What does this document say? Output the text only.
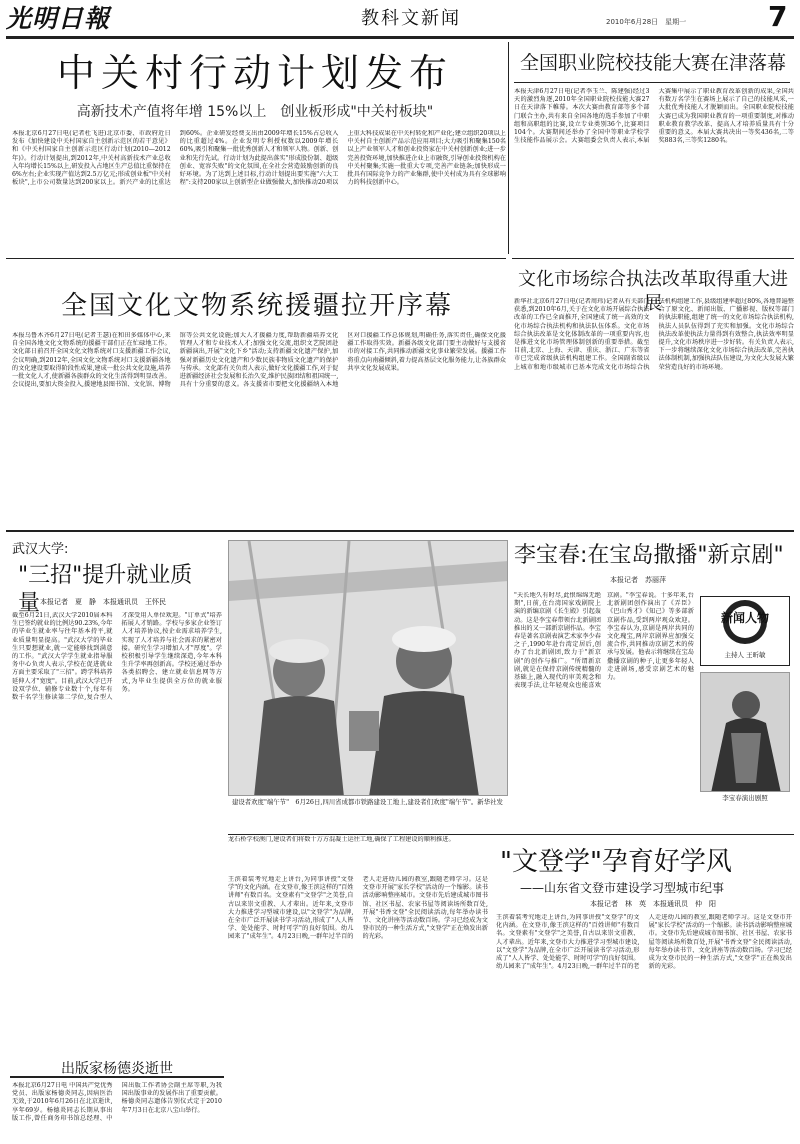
光明日報	教科文新闻	2010年6月28日　星期一	7
中关村行动计划发布
高新技术产值将年增 15%以上　创业板形成"中关村板块"
本报北京6月27日电(记者杜飞进)北京市委、市政府近日发布《加快建设中关村国家自主创新示范区的若干意见》和《中关村国家自主创新示范区行动计划(2010—2012年)》。行动计划提出,到2012年,中关村高新技术产业总收入年均增长15%以上,研发投入占地区生产总值比重保持在6%左右;企业实现产值达到2.5万亿元;形成创业板"中关村板块",上市公司数量达到200家以上。新兴产业的比重达到60%。企业研发经费支出由2009年增长15%占总收入的比重超过4%。企业发明专利授权数以2009年增长60%,吸引和聚集一批优秀创新人才和领军人物。创新、创业和先行先试。行动计划为此提出落实"形成股份制、超级创业、宽容失败"的文化氛围,在全社会营造鼓励创新的良好环境。为了达到上述目标,行动计划提出要实施"六大工程":支持200家以上创新型企业做强做大,加快推动20项以上重大科技成果在中关村转化和产业化;建立组织20项以上中关村自主创新产品示范应用项目;大力吸引和聚集150名以上产业领军人才和创业投资家在中关村创新创业;进一步完善投资环境,加快推进企业上市融资,引导创业投资机构在中关村聚集;实施一批重大专项,完善产业链条;加快形成一批具有国际竞争力的产业集群,使中关村成为具有全球影响力的科技创新中心。
全国职业院校技能大赛在津落幕
本报天津6月27日电(记者李玉兰、陈建强)经过3天的激烈角逐,2010年全国职业院校技能大赛27日在天津落下帷幕。本次大赛由教育部等多个部门联合主办,共有来自全国各地的选手参加了中职组和高职组的比赛,设立专业类别36个,比赛项目104个。大赛期间还举办了全国中等职业学校学生技能作品展示会。大赛组委会负责人表示,本届大赛集中展示了职业教育改革创新的成果,全国共有数万名学生在赛场上展示了自己的技能风采,一大批优秀技能人才脱颖而出。全国职业院校技能大赛已成为我国职业教育的一项重要制度,对推动职业教育教学改革、提高人才培养质量具有十分重要的意义。本届大赛共决出一等奖436名,二等奖883名,三等奖1280名。
文化市场综合执法改革取得重大进展
新华社北京6月27日电(记者周玮)记者从有关部门获悉,到2010年6月,关于在文化市场开展综合执法改革的工作已全面推开,全国建成了统一高效的文化市场综合执法机构和执法队伍体系。文化市场综合执法改革是文化体制改革的一项重要内容,也是推进文化市场管理体制创新的重要举措。截至目前,北京、上海、天津、重庆、浙江、广东等省市已完成省级执法机构组建工作。全国副省级以上城市和地市级城市已基本完成文化市场综合执法机构组建工作,县级组建率超过80%,各地普遍整合了原文化、新闻出版、广播影视、版权等部门的执法职能,组建了统一的文化市场综合执法机构,执法人员队伍得到了充实和加强。文化市场综合执法改革使执法力量得到有效整合,执法效率明显提升,文化市场秩序进一步好转。有关负责人表示,下一步将继续深化文化市场综合执法改革,完善执法体制机制,加强执法队伍建设,为文化大发展大繁荣营造良好的市场环境。
全国文化文物系统援疆拉开序幕
本报乌鲁木齐6月27日电(记者王瑟)在和田多媒体中心,来自全国各地文化文物系统的援疆干部们正在忙碌地工作。文化部日前召开全国文化文物系统对口支援新疆工作会议,会议明确,到2012年,全国文化文物系统对口支援新疆各地的文化建设要取得阶段性成果,建成一批公共文化设施,培养一批文化人才,使新疆各族群众的文化生活得到明显改善。会议提出,要加大资金投入,援建地县图书馆、文化馆、博物馆等公共文化设施;加大人才援疆力度,帮助新疆培养文化管理人才和专业技术人才;加强文化交流,组织文艺院团赴新疆演出,开展"文化下乡"活动;支持新疆文化遗产保护,加强对新疆历史文化遗产和少数民族非物质文化遗产的保护与传承。文化部有关负责人表示,做好文化援疆工作,对于促进新疆经济社会发展和长治久安,维护民族团结和祖国统一,具有十分重要的意义。各支援省市要把文化援疆纳入本地区对口援疆工作总体规划,明确任务,落实责任,确保文化援疆工作取得实效。新疆各级文化部门要主动做好与支援省市的对接工作,共同推动新疆文化事业繁荣发展。援疆工作将重点向南疆倾斜,着力提高基层文化服务能力,让各族群众共享文化发展成果。
武汉大学:
"三招"提升就业质量 本报记者　夏　静　本报通讯员　王怀民
截至6月21日,武汉大学2010届本科生已签约就业的比例达90.23%,今年的毕业生就业率与往年基本持平,就业质量明显提高。"武汉大学的毕业生只要想就业,就一定能够找到满意的工作。"武汉大学学生就业指导服务中心负责人表示,学校在促进就业方面主要采取了"三招"。跨学科培养延伸人才"宽度"。目前,武汉大学已开设双学位、辅修专业数十个,每年有数千名学生修读第二学位,复合型人才深受用人单位欢迎。"订单式"培养拓展人才销路。学校与多家企业签订人才培养协议,按企业需求培养学生,实现了人才培养与社会需求的紧密对接。研究生学习增加人才"厚度"。学校积极引导学生继续深造,今年本科生升学率再创新高。学校还通过举办各类招聘会、建立就业信息网等方式,为毕业生提供全方位的就业服务。
建设者欢度"端午节"　6月26日,四川省成都市铁路建设工地上,建设者们欢度"端午节"。新华社发
李宝春:在宝岛撒播"新京剧"
本报记者　苏丽萍
"天长地久有时尽,此恨绵绵无绝期",日前,在台湾国家戏剧院上演的新编京剧《长生殿》引起轰动。这是李宝春带领台北新剧团推出的又一部新京剧作品。李宝春是著名京剧表演艺术家李少春之子,1990年赴台湾定居后,创办了台北新剧团,致力于"新京剧"的创作与推广。"所谓新京剧,就是在保持京剧传统精髓的基础上,融入现代的审美观念和表现手法,让年轻观众也能喜欢京剧。"李宝春说。十多年来,台北新剧团创作演出了《弄臣》《巴山秀才》《知己》等多部新京剧作品,受到两岸观众欢迎。李宝春认为,京剧是两岸共同的文化瑰宝,两岸京剧界应加强交流合作,共同推动京剧艺术的传承与发展。他表示将继续在宝岛撒播京剧的种子,让更多年轻人走进剧场,感受京剧艺术的魅力。
新闻人物
主持人 王昕敏
李宝春演出剧照
龙石桥学校澳门,建设者们将数十万方混凝土运往工地,确保了工程建设的顺利推进。
"文登学"孕育好学风
——山东省文登市建设学习型城市纪事
本报记者　林　英　本报通讯员　仲　阳
王滨着装考究地走上讲台,为同事讲授"文登学"的文化内涵。在文登市,像王滨这样的"百姓讲师"有数百名。文登素有"文登学"之美誉,自古以来崇文重教、人才辈出。近年来,文登市大力推进学习型城市建设,以"文登学"为品牌,在全市广泛开展读书学习活动,形成了"人人皆学、处处能学、时时可学"的良好氛围。幼儿园来了"成年生"。4月23日晚,一群年过半百的老人走进幼儿园的教室,跟随老师学习。这是文登市开展"家长学校"活动的一个缩影。读书活动影响整座城市。文登市先后建成城市图书馆、社区书屋、农家书屋等阅读场所数百处,开展"书香文登"全民阅读活动,每年举办读书节、文化讲座等活动数百场。学习已经成为文登市民的一种生活方式,"文登学"正在焕发出新的光彩。
王滨着装考究地走上讲台,为同事讲授"文登学"的文化内涵。在文登市,像王滨这样的"百姓讲师"有数百名。文登素有"文登学"之美誉,自古以来崇文重教、人才辈出。近年来,文登市大力推进学习型城市建设,以"文登学"为品牌,在全市广泛开展读书学习活动,形成了"人人皆学、处处能学、时时可学"的良好氛围。幼儿园来了"成年生"。4月23日晚,一群年过半百的老人走进幼儿园的教室,跟随老师学习。这是文登市开展"家长学校"活动的一个缩影。读书活动影响整座城市。文登市先后建成城市图书馆、社区书屋、农家书屋等阅读场所数百处,开展"书香文登"全民阅读活动,每年举办读书节、文化讲座等活动数百场。学习已经成为文登市民的一种生活方式,"文登学"正在焕发出新的光彩。
出版家杨德炎逝世
本报北京6月27日电 中国共产党优秀党员、出版家杨德炎同志,因病医治无效,于2010年6月26日在北京逝世,享年69岁。杨德炎同志长期从事出版工作,曾任商务印书馆总经理、中国出版工作者协会副主席等职,为我国出版事业的发展作出了重要贡献。杨德炎同志遗体告别仪式定于2010年7月3日在北京八宝山举行。
